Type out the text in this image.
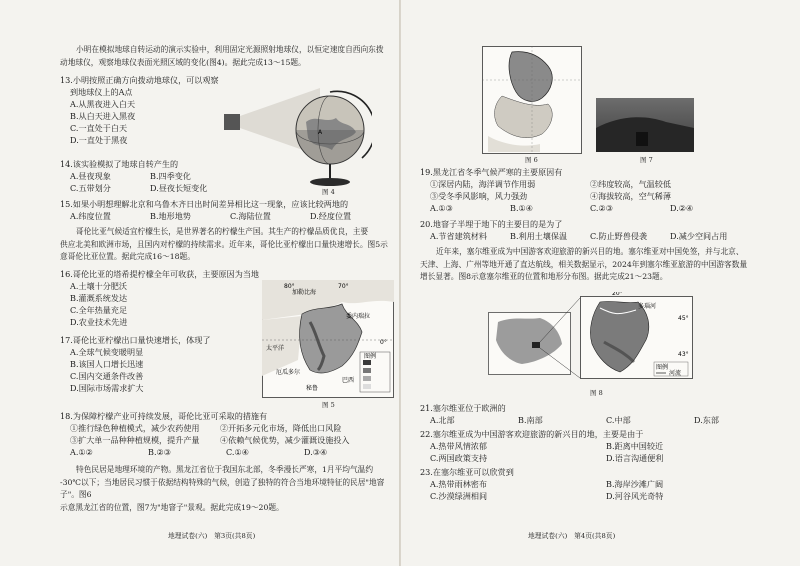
小明在模拟地球自转运动的演示实验中，利用固定光源照射地球仪，以恒定速度自西向东拨

动地球仪，观察地球仪表面光照区域的变化(图4)。据此完成13～15题。

13.小明按照正确方向拨动地球仪，可以观察

到地球仪上的A点

A.从黑夜进入白天
B.从白天进入黑夜
C.一直处于白天
D.一直处于黑夜
A
图 4

14.该实验模拟了地球自转产生的

A.昼夜现象	B.四季变化
C.五带划分	D.昼夜长短变化

15.如果小明想理解北京和乌鲁木齐日出时间差异相比这一现象，应该比较两地的

A.纬度位置	B.地形地势	C.海陆位置	D.经度位置

哥伦比亚气候适宜柠檬生长，是世界著名的柠檬生产国。其生产的柠檬品质优良，主要

供应北美和欧洲市场，且国内对柠檬的持续需求。近年来，哥伦比亚柠檬出口量快速增长。图5示

意哥伦比亚位置。据此完成16～18题。

16.哥伦比亚的塔希提柠檬全年可收获，主要原因为当地

A.土壤十分肥沃
B.灌溉系统发达
C.全年热量充足
D.农业技术先进

17.哥伦比亚柠檬出口量快速增长，体现了

A.全球气候变暖明显
B.该国人口增长迅速
C.国内交通条件改善
D.国际市场需求扩大
加勒比海
委内瑞拉
太平洋
厄瓜多尔
秘鲁
巴西
图例
0°
80°	70°
图 5

18.为保障柠檬产业可持续发展，哥伦比亚可采取的措施有

①推行绿色种植模式，减少农药使用	②开拓多元化市场，降低出口风险
③扩大单一品种种植规模，提升产量	④依赖气候优势，减少灌溉设施投入
A.①②	B.②③	C.①④	D.③④

特色民居是地理环境的产物。黑龙江省位于我国东北部，冬季漫长严寒，1月平均气温约

-30℃以下；当地居民习惯于依据结构特殊的气候，创造了独特的符合当地环境特征的民居"地窨子"。图6

示意黑龙江省的位置，图7为"地窨子"景观。据此完成19～20题。

地理试卷(六)　第3页(共8页)
图 6	图 7

19.黑龙江省冬季气候严寒的主要原因有

①深居内陆，海洋调节作用弱	②纬度较高，气温较低
③受冬季风影响，风力强劲	④海拔较高，空气稀薄
A.①③	B.①④	C.②③	D.②④

20.地窨子半埋于地下的主要目的是为了

A.节省建筑材料	B.利用土壤保温	C.防止野兽侵袭	D.减少空间占用

近年来，塞尔维亚成为中国游客欢迎旅游的新兴目的地。塞尔维亚对中国免签，并与北京、

天津、上海、广州等地开通了直达航线，相关数据显示，2024年到塞尔维亚旅游的中国游客数量

增长显著。图8示意塞尔维亚的位置和地形分布图。据此完成21～23题。

多瑙河
20°
45°
43°
图例
河流
图 8

21.塞尔维亚位于欧洲的

A.北部	B.南部	C.中部	D.东部

22.塞尔维亚成为中国游客欢迎旅游的新兴目的地，主要是由于

A.热带风情浓郁	B.距离中国较近
C.两国政策支持	D.语言沟通便利

23.在塞尔维亚可以欣赏到

A.热带雨林密布	B.海岸沙滩广阔
C.沙漠绿洲相间	D.河谷风光奇特
地理试卷(六)　第4页(共8页)
